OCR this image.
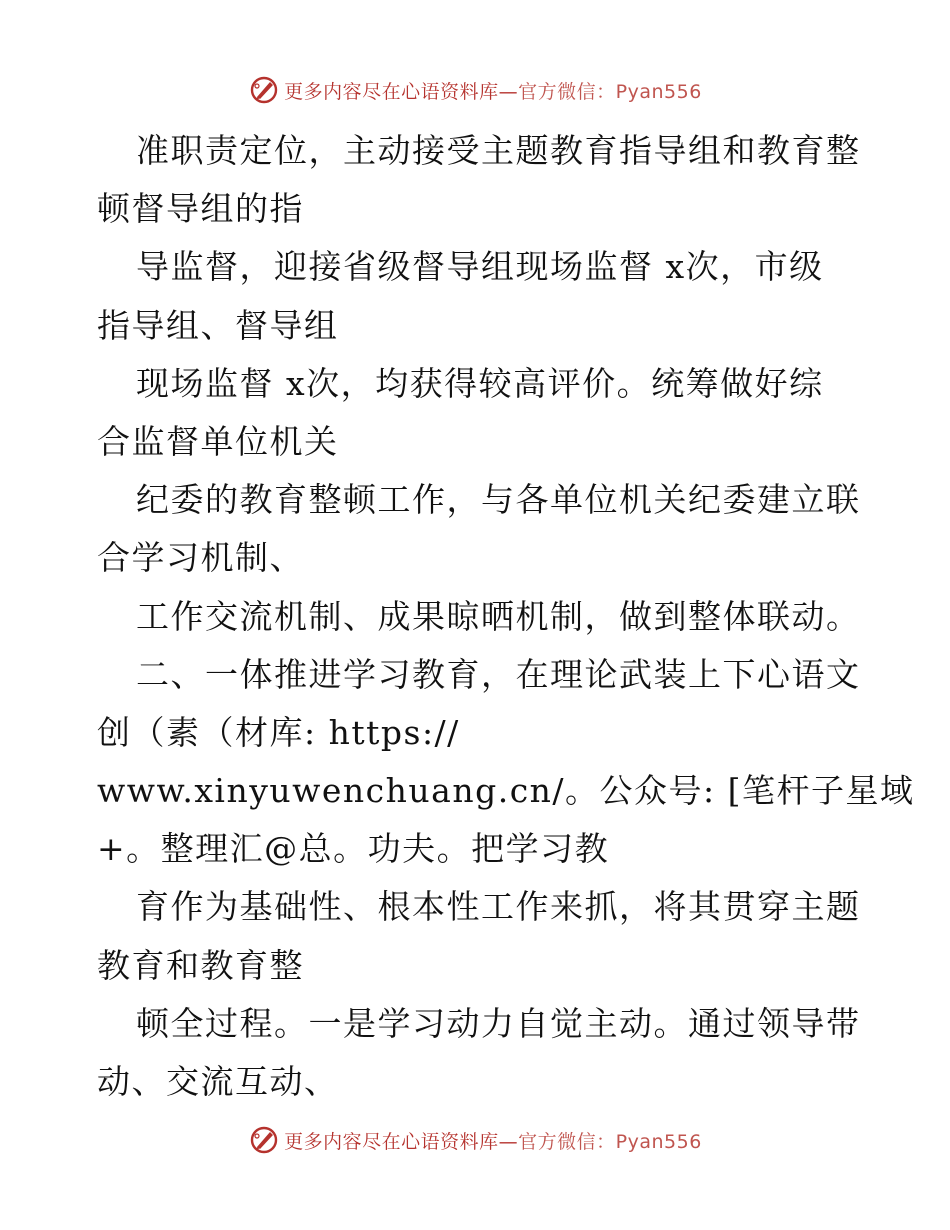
更多内容尽在心语资料库—官方微信：Pyan556
准职责定位，主动接受主题教育指导组和教育整
顿督导组的指
导监督，迎接省级督导组现场监督 x次，市级
指导组、督导组
现场监督 x次，均获得较高评价。统筹做好综
合监督单位机关
纪委的教育整顿工作，与各单位机关纪委建立联
合学习机制、
工作交流机制、成果晾晒机制，做到整体联动。
二、一体推进学习教育，在理论武装上下心语文
创（素（材库: https://
www.xinyuwenchuang.cn/。公众号: [笔杆子星域
+。整理汇@总。功夫。把学习教
育作为基础性、根本性工作来抓，将其贯穿主题
教育和教育整
顿全过程。一是学习动力自觉主动。通过领导带
动、交流互动、
更多内容尽在心语资料库—官方微信：Pyan556
